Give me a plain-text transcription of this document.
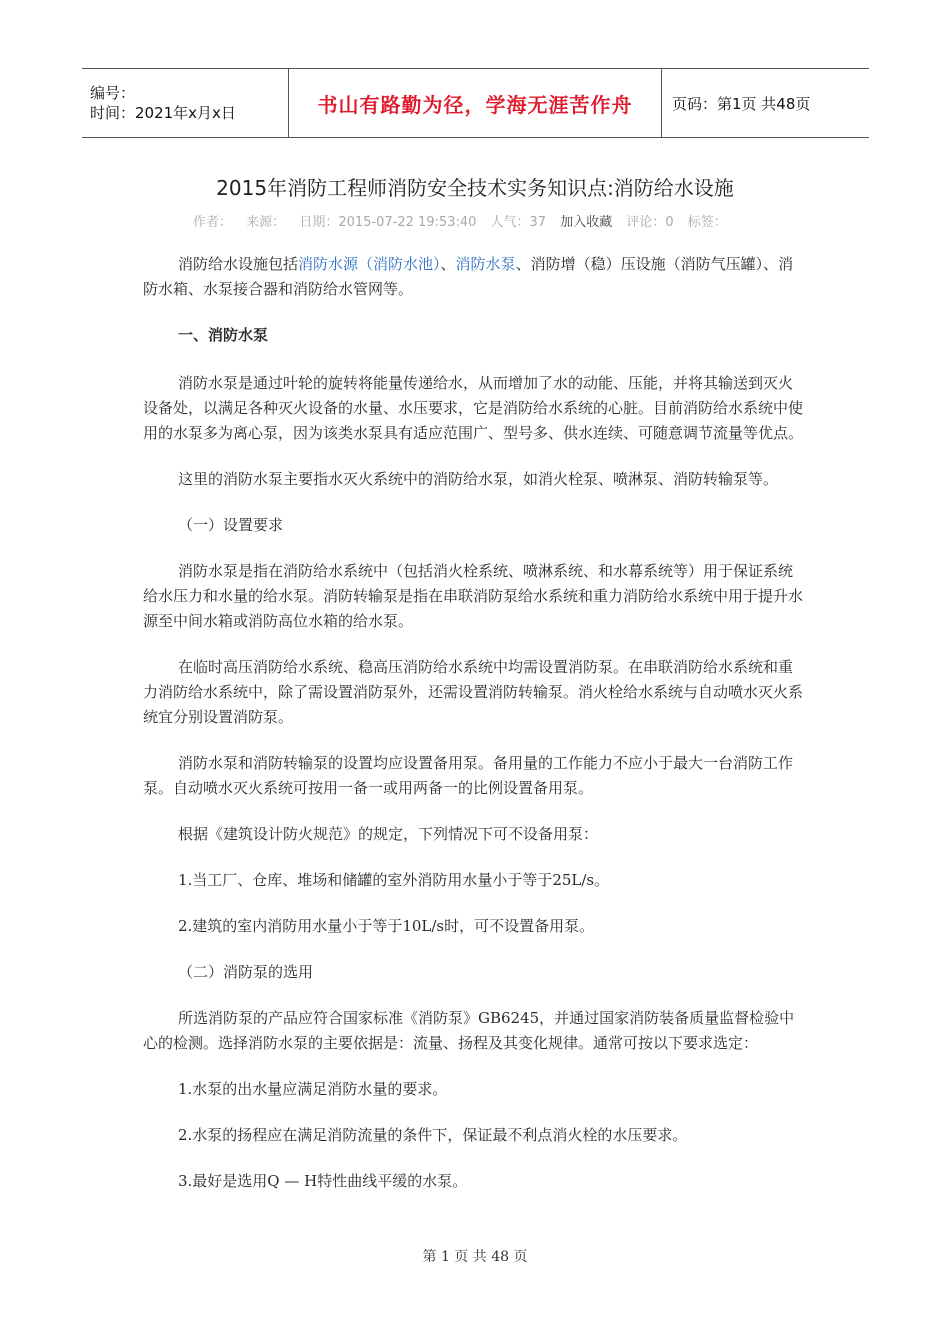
编号：
时间：2021年x月x日	书山有路勤为径，学海无涯苦作舟	页码：第1页 共48页
2015年消防工程师消防安全技术实务知识点:消防给水设施
作者： 来源： 日期：2015-07-22 19:53:40 人气：37 加入收藏 评论：0 标签：

消防给水设施包括消防水源（消防水池）、消防水泵、消防增（稳）压设施（消防气压罐）、消防水箱、水泵接合器和消防给水管网等。

一、消防水泵

消防水泵是通过叶轮的旋转将能量传递给水，从而增加了水的动能、压能，并将其输送到灭火设备处，以满足各种灭火设备的水量、水压要求，它是消防给水系统的心脏。目前消防给水系统中使用的水泵多为离心泵，因为该类水泵具有适应范围广、型号多、供水连续、可随意调节流量等优点。

这里的消防水泵主要指水灭火系统中的消防给水泵，如消火栓泵、喷淋泵、消防转输泵等。

（一）设置要求

消防水泵是指在消防给水系统中（包括消火栓系统、喷淋系统、和水幕系统等）用于保证系统给水压力和水量的给水泵。消防转输泵是指在串联消防泵给水系统和重力消防给水系统中用于提升水源至中间水箱或消防高位水箱的给水泵。

在临时高压消防给水系统、稳高压消防给水系统中均需设置消防泵。在串联消防给水系统和重力消防给水系统中，除了需设置消防泵外，还需设置消防转输泵。消火栓给水系统与自动喷水灭火系统宜分别设置消防泵。

消防水泵和消防转输泵的设置均应设置备用泵。备用量的工作能力不应小于最大一台消防工作泵。自动喷水灭火系统可按用一备一或用两备一的比例设置备用泵。

根据《建筑设计防火规范》的规定，下列情况下可不设备用泵：

1.当工厂、仓库、堆场和储罐的室外消防用水量小于等于25L/s。

2.建筑的室内消防用水量小于等于10L/s时，可不设置备用泵。

（二）消防泵的选用

所选消防泵的产品应符合国家标准《消防泵》GB6245，并通过国家消防装备质量监督检验中心的检测。选择消防水泵的主要依据是：流量、扬程及其变化规律。通常可按以下要求选定：

1.水泵的出水量应满足消防水量的要求。

2.水泵的扬程应在满足消防流量的条件下，保证最不利点消火栓的水压要求。

3.最好是选用Q — H特性曲线平缓的水泵。

第 1 页 共 48 页
